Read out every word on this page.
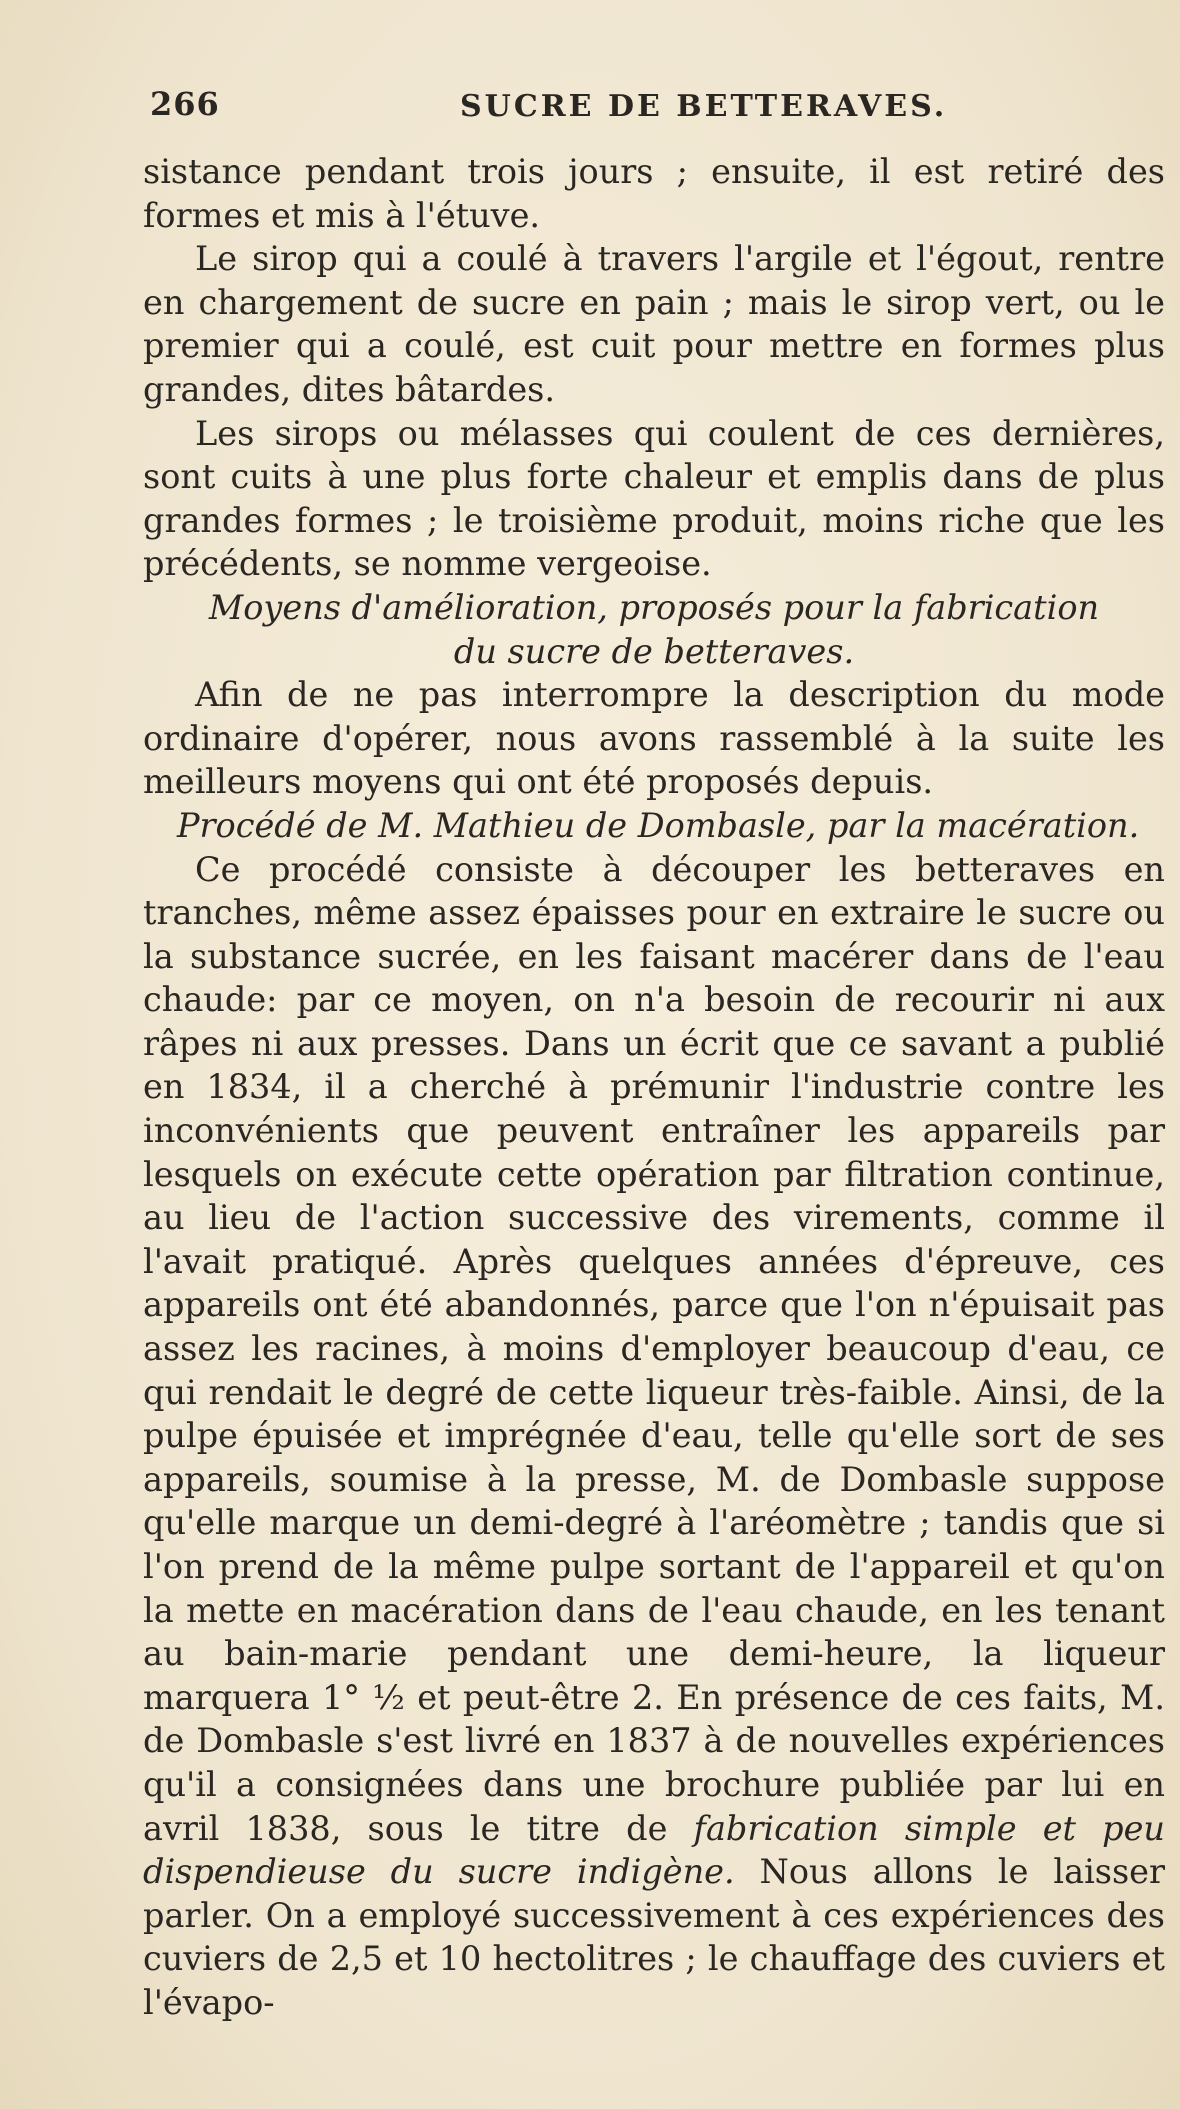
266	SUCRE DE BETTERAVES.

sistance pendant trois jours ; ensuite, il est retiré des formes et mis à l'étuve.

Le sirop qui a coulé à travers l'argile et l'égout, rentre en chargement de sucre en pain ; mais le sirop vert, ou le premier qui a coulé, est cuit pour mettre en formes plus grandes, dites bâtardes.

Les sirops ou mélasses qui coulent de ces dernières, sont cuits à une plus forte chaleur et emplis dans de plus grandes formes ; le troisième produit, moins riche que les précédents, se nomme vergeoise.

Moyens d'amélioration, proposés pour la fabrication
du sucre de betteraves.

Afin de ne pas interrompre la description du mode ordinaire d'opérer, nous avons rassemblé à la suite les meilleurs moyens qui ont été proposés depuis.

Procédé de M. Mathieu de Dombasle, par la macération.

Ce procédé consiste à découper les betteraves en tranches, même assez épaisses pour en extraire le sucre ou la substance sucrée, en les faisant macérer dans de l'eau chaude: par ce moyen, on n'a besoin de recourir ni aux râpes ni aux presses. Dans un écrit que ce savant a publié en 1834, il a cherché à prémunir l'industrie contre les inconvénients que peuvent entraîner les appareils par lesquels on exécute cette opération par filtration continue, au lieu de l'action successive des virements, comme il l'avait pratiqué. Après quelques années d'épreuve, ces appareils ont été abandonnés, parce que l'on n'épuisait pas assez les racines, à moins d'employer beaucoup d'eau, ce qui rendait le degré de cette liqueur très-faible. Ainsi, de la pulpe épuisée et imprégnée d'eau, telle qu'elle sort de ses appareils, soumise à la presse, M. de Dombasle suppose qu'elle marque un demi-degré à l'aréomètre ; tandis que si l'on prend de la même pulpe sortant de l'appareil et qu'on la mette en macération dans de l'eau chaude, en les tenant au bain-marie pendant une demi-heure, la liqueur marquera 1° ½ et peut-être 2. En présence de ces faits, M. de Dombasle s'est livré en 1837 à de nouvelles expériences qu'il a consignées dans une brochure publiée par lui en avril 1838, sous le titre de fabrication simple et peu dispendieuse du sucre indigène. Nous allons le laisser parler. On a employé successivement à ces expériences des cuviers de 2,5 et 10 hectolitres ; le chauffage des cuviers et l'évapo-
